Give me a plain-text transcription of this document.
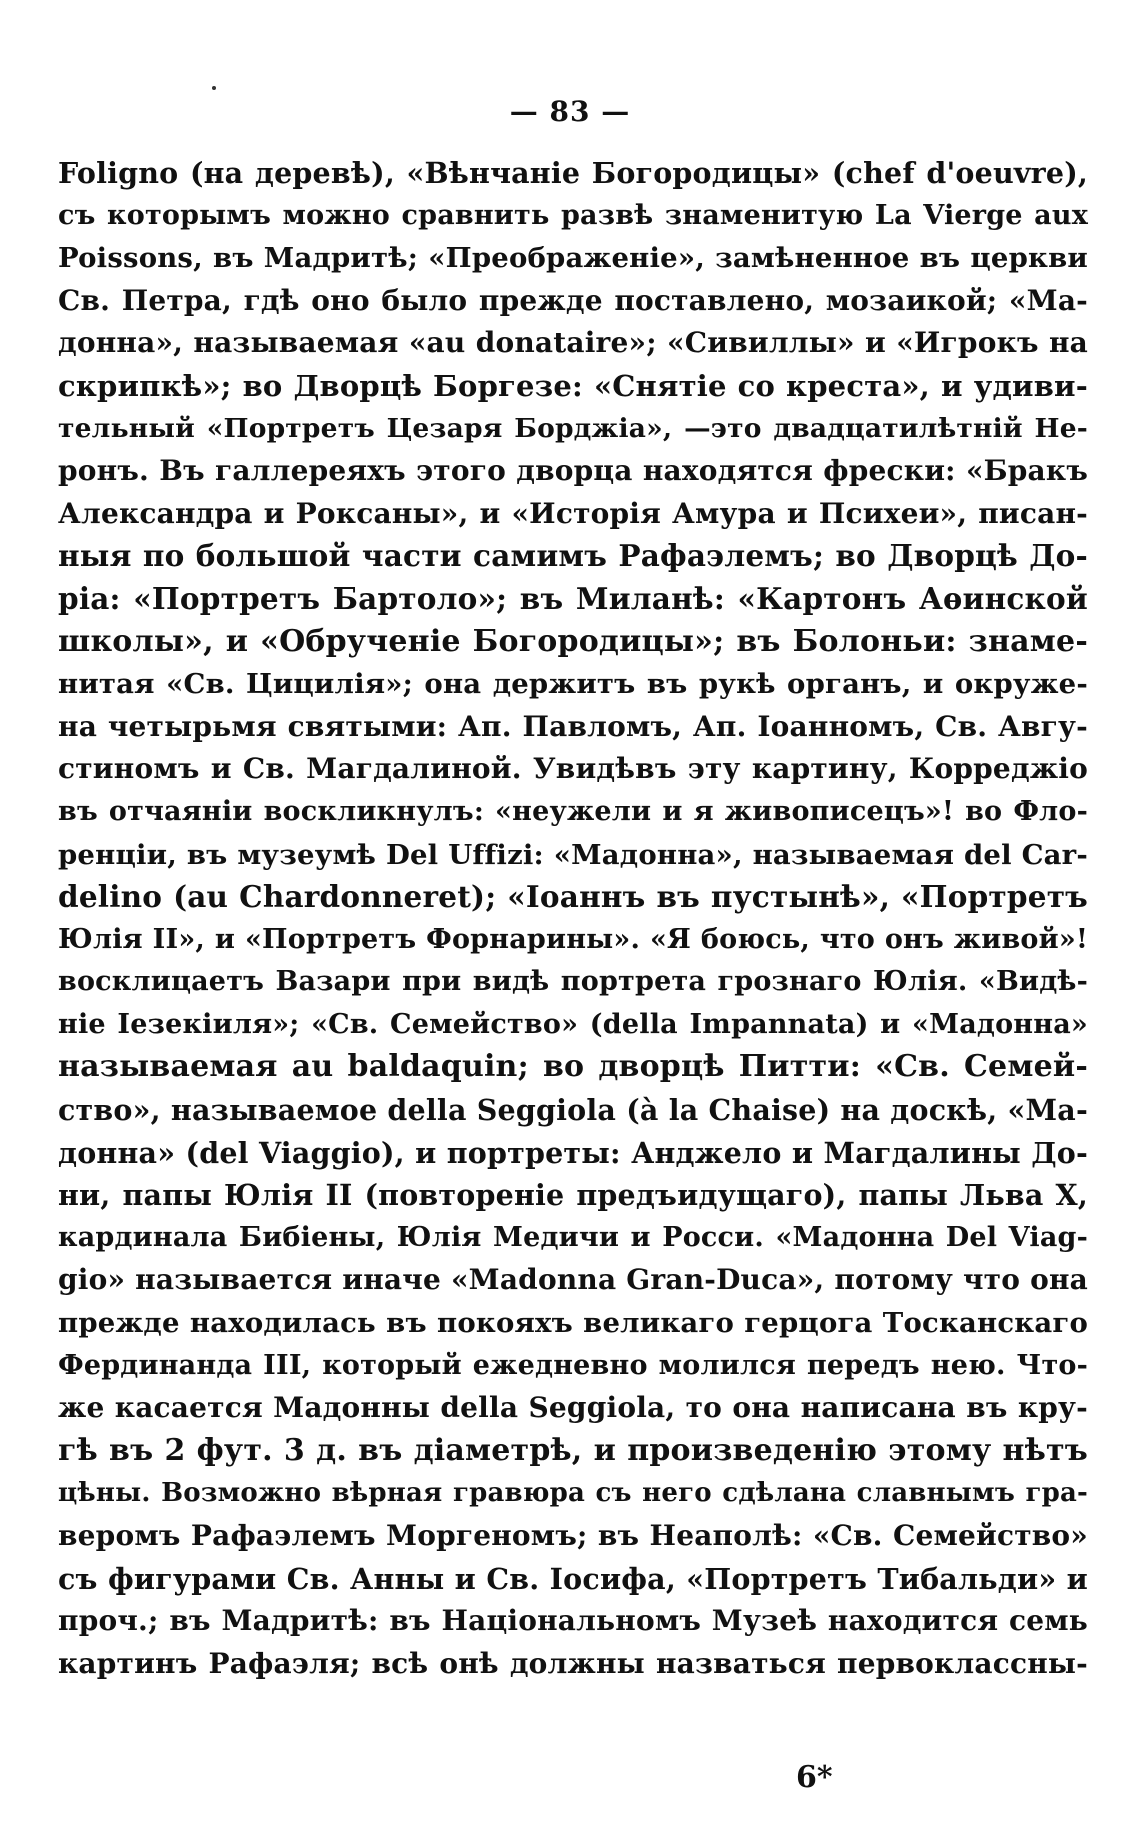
— 83 —
Foligno (на деревѣ), «Вѣнчаніе Богородицы» (chef d'oeuvre),
съ которымъ можно сравнить развѣ знаменитую La Vierge aux
Poissons, въ Мадритѣ; «Преображеніе», замѣненное въ церкви
Св. Петра, гдѣ оно было прежде поставлено, мозаикой; «Ма-
донна», называемая «au donataire»; «Сивиллы» и «Игрокъ на
скрипкѣ»; во Дворцѣ Боргезе: «Снятіе со креста», и удиви-
тельный «Портретъ Цезаря Борджіа», —это двадцатилѣтній Не-
ронъ. Въ галлереяхъ этого дворца находятся фрески: «Бракъ
Александра и Роксаны», и «Исторія Амура и Психеи», писан-
ныя по большой части самимъ Рафаэлемъ; во Дворцѣ До-
ріа: «Портретъ Бартоло»; въ Миланѣ: «Картонъ Аѳинской
школы», и «Обрученіе Богородицы»; въ Болоньи: знаме-
нитая «Св. Цицилія»; она держитъ въ рукѣ органъ, и окруже-
на четырьмя святыми: Ап. Павломъ, Ап. Іоанномъ, Св. Авгу-
стиномъ и Св. Магдалиной. Увидѣвъ эту картину, Корреджіо
въ отчаяніи воскликнулъ: «неужели и я живописецъ»! во Фло-
ренціи, въ музеумѣ Del Uffizi: «Мадонна», называемая del Car-
delino (au Chardonneret); «Іоаннъ въ пустынѣ», «Портретъ
Юлія II», и «Портретъ Форнарины». «Я боюсь, что онъ живой»!
восклицаетъ Вазари при видѣ портрета грознаго Юлія. «Видѣ-
ніе Іезекіиля»; «Св. Семейство» (della Impannata) и «Мадонна»
называемая au baldaquin; во дворцѣ Питти: «Св. Семей-
ство», называемое della Seggiola (à la Chaise) на доскѣ, «Ма-
донна» (del Viaggio), и портреты: Анджело и Магдалины До-
ни, папы Юлія II (повтореніе предъидущаго), папы Льва X,
кардинала Бибіены, Юлія Медичи и Росси. «Мадонна Del Viag-
gio» называется иначе «Madonna Gran-Duca», потому что она
прежде находилась въ покояхъ великаго герцога Тосканскаго
Фердинанда III, который ежедневно молился передъ нею. Что-
же касается Мадонны della Seggiola, то она написана въ кру-
гѣ въ 2 фут. 3 д. въ діаметрѣ, и произведенію этому нѣтъ
цѣны. Возможно вѣрная гравюра съ него сдѣлана славнымъ гра-
веромъ Рафаэлемъ Моргеномъ; въ Неаполѣ: «Св. Семейство»
съ фигурами Св. Анны и Св. Іосифа, «Портретъ Тибальди» и
проч.; въ Мадритѣ: въ Національномъ Музеѣ находится семь
картинъ Рафаэля; всѣ онѣ должны назваться первоклассны-
6*
